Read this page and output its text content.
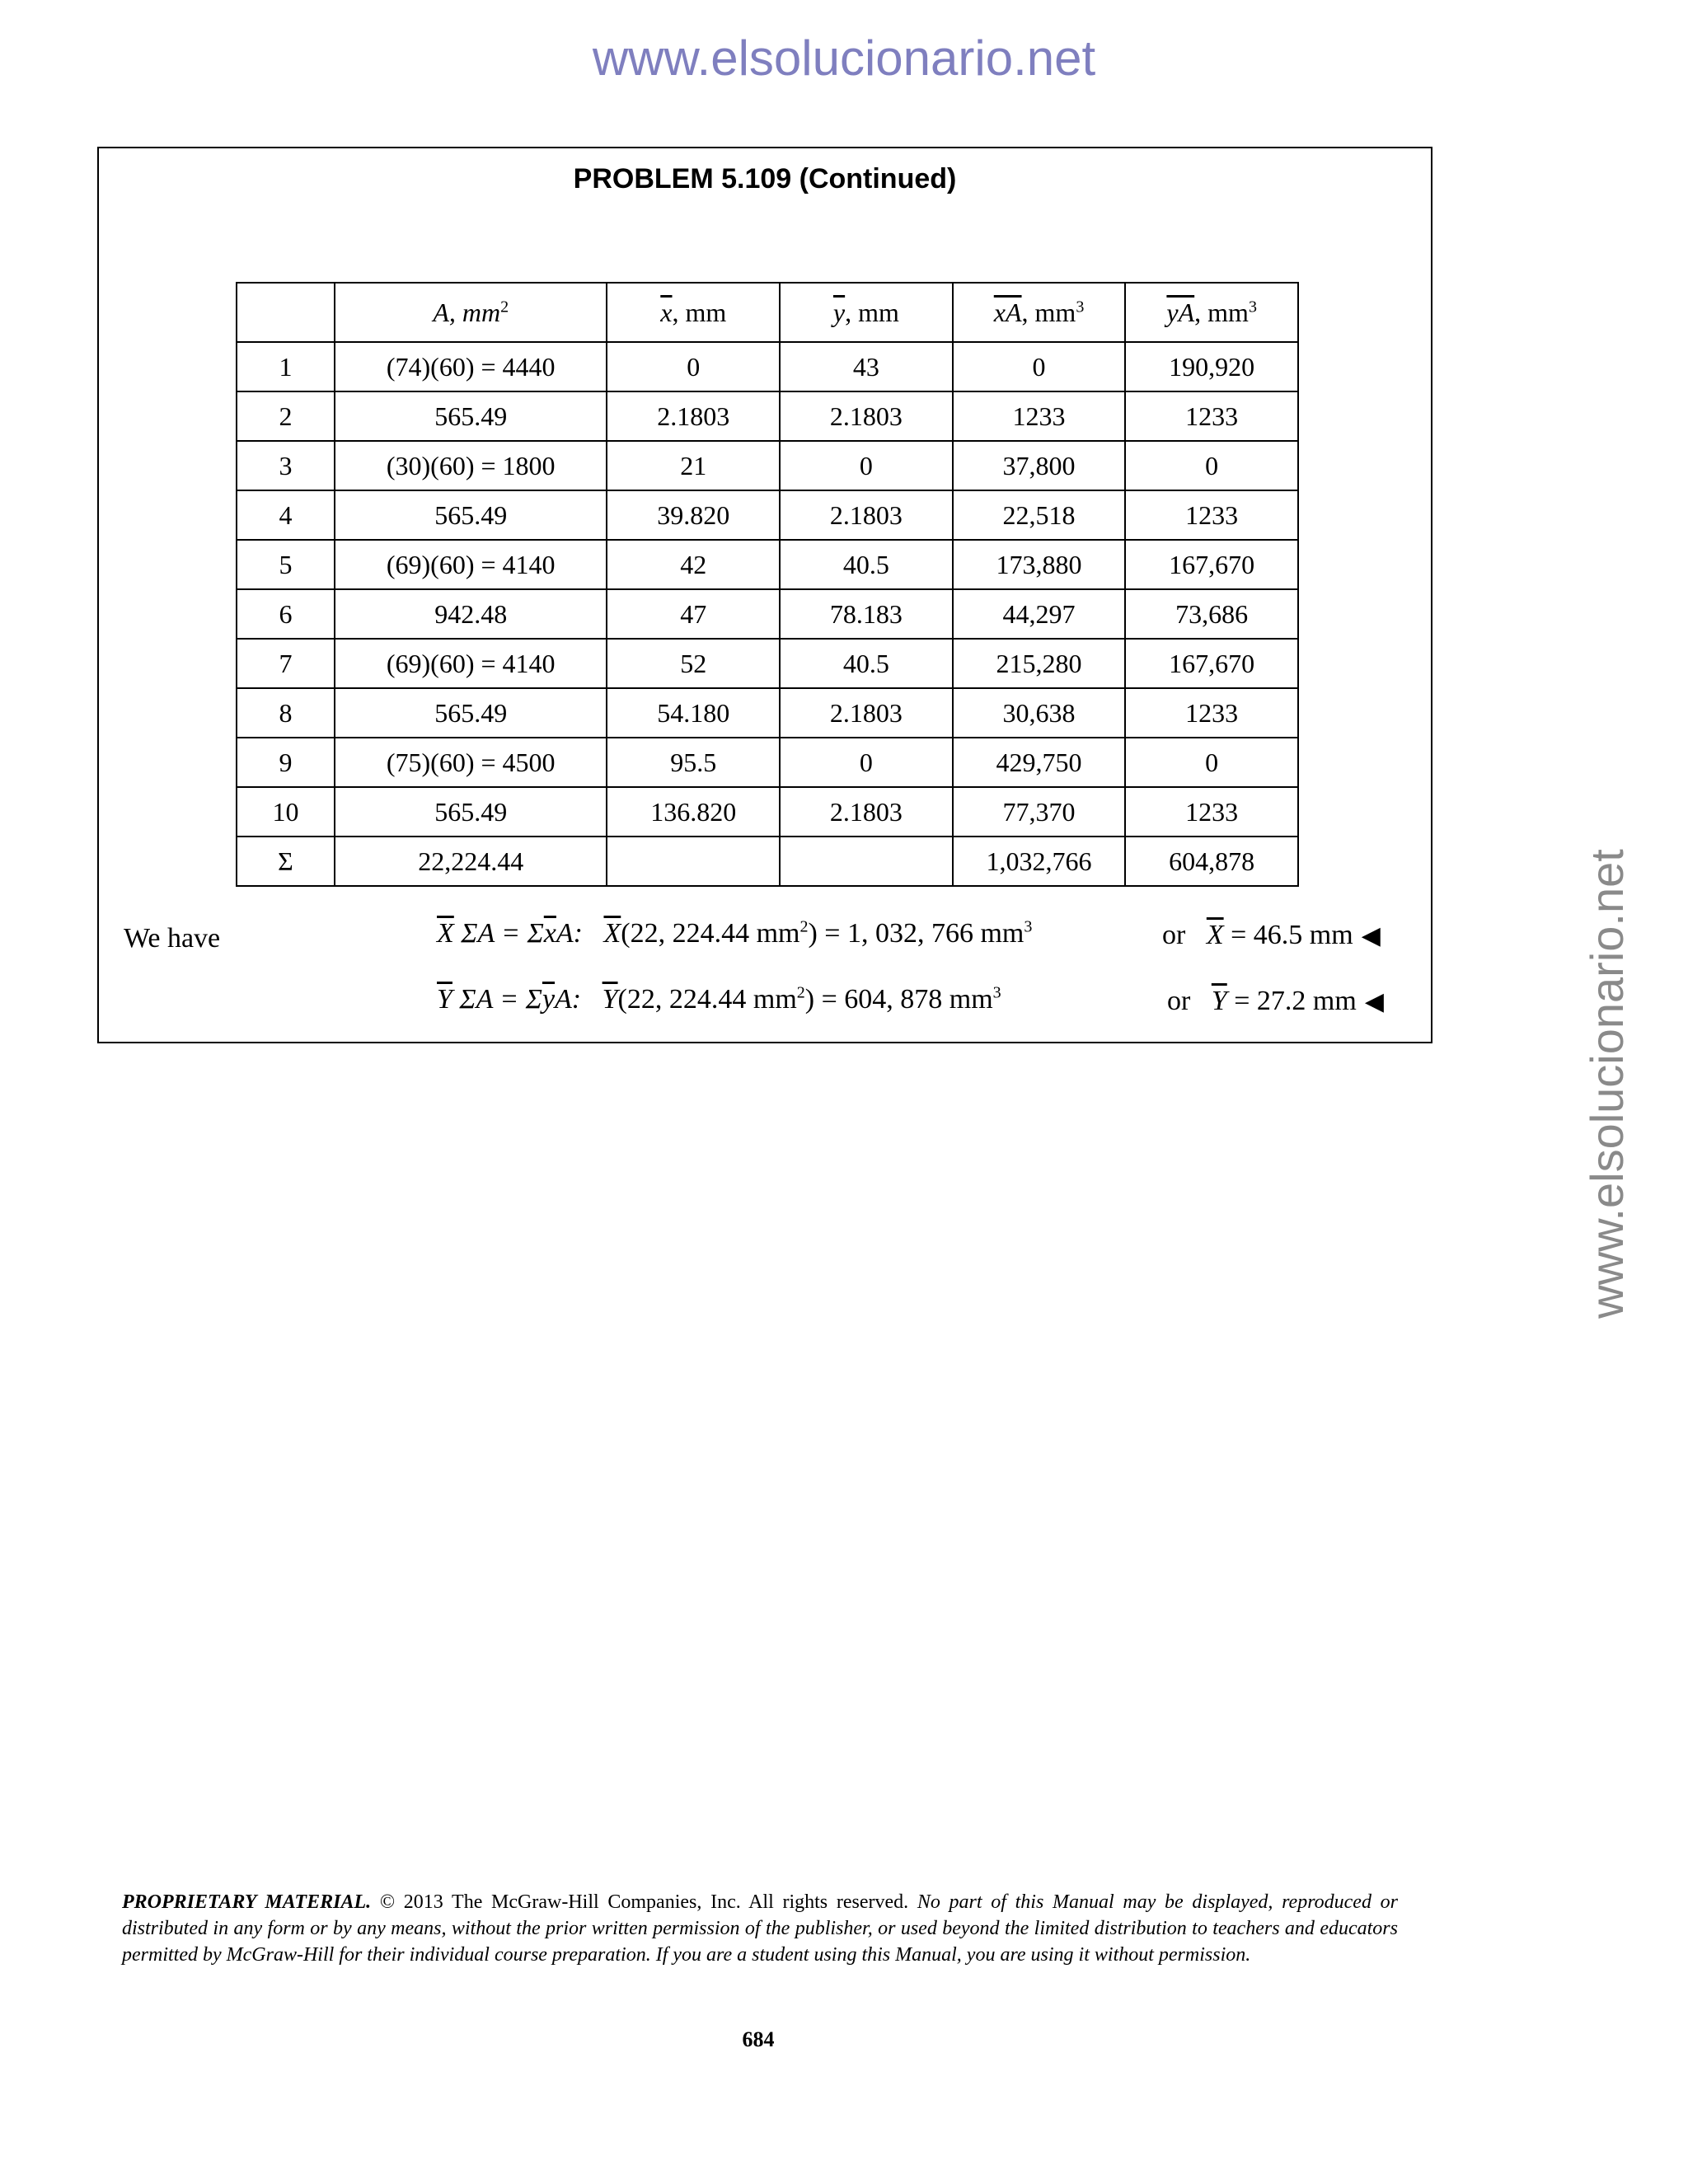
www.elsolucionario.net
www.elsolucionario.net
PROBLEM 5.109 (Continued)
	A, $mm^2$	$\overline{x}$, mm	$\overline{y}$, mm	$\overline{xA}$, $mm^3$	$\overline{yA}$, $mm^3$
1	(74)(60) = 4440	0	43	0	190,920
2	565.49	2.1803	2.1803	1233	1233
3	(30)(60) = 1800	21	0	37,800	0
4	565.49	39.820	2.1803	22,518	1233
5	(69)(60) = 4140	42	40.5	173,880	167,670
6	942.48	47	78.183	44,297	73,686
7	(69)(60) = 4140	52	40.5	215,280	167,670
8	565.49	54.180	2.1803	30,638	1233
9	(75)(60) = 4500	95.5	0	429,750	0
10	565.49	136.820	2.1803	77,370	1233
Σ	22,224.44			1,032,766	604,878
We have	$\overline{X}$ $\Sigma A = \Sigma\overline{x}A$: $\overline{X}(22$, 224.44 $mm^2) = 1$, 032, 766 $mm^3$	or $\overline{X} = 46.5$ mm ◀
$\overline{Y}$ $\Sigma A = \Sigma\overline{y}A$: $\overline{Y}(22$, 224.44 $mm^2) = 604$, 878 $mm^3$	or $\overline{Y} = 27.2$ mm ◀
PROPRIETARY MATERIAL. © 2013 The McGraw-Hill Companies, Inc. All rights reserved. No part of this Manual may be displayed, reproduced or distributed in any form or by any means, without the prior written permission of the publisher, or used beyond the limited distribution to teachers and educators permitted by McGraw-Hill for their individual course preparation. If you are a student using this Manual, you are using it without permission.
684
